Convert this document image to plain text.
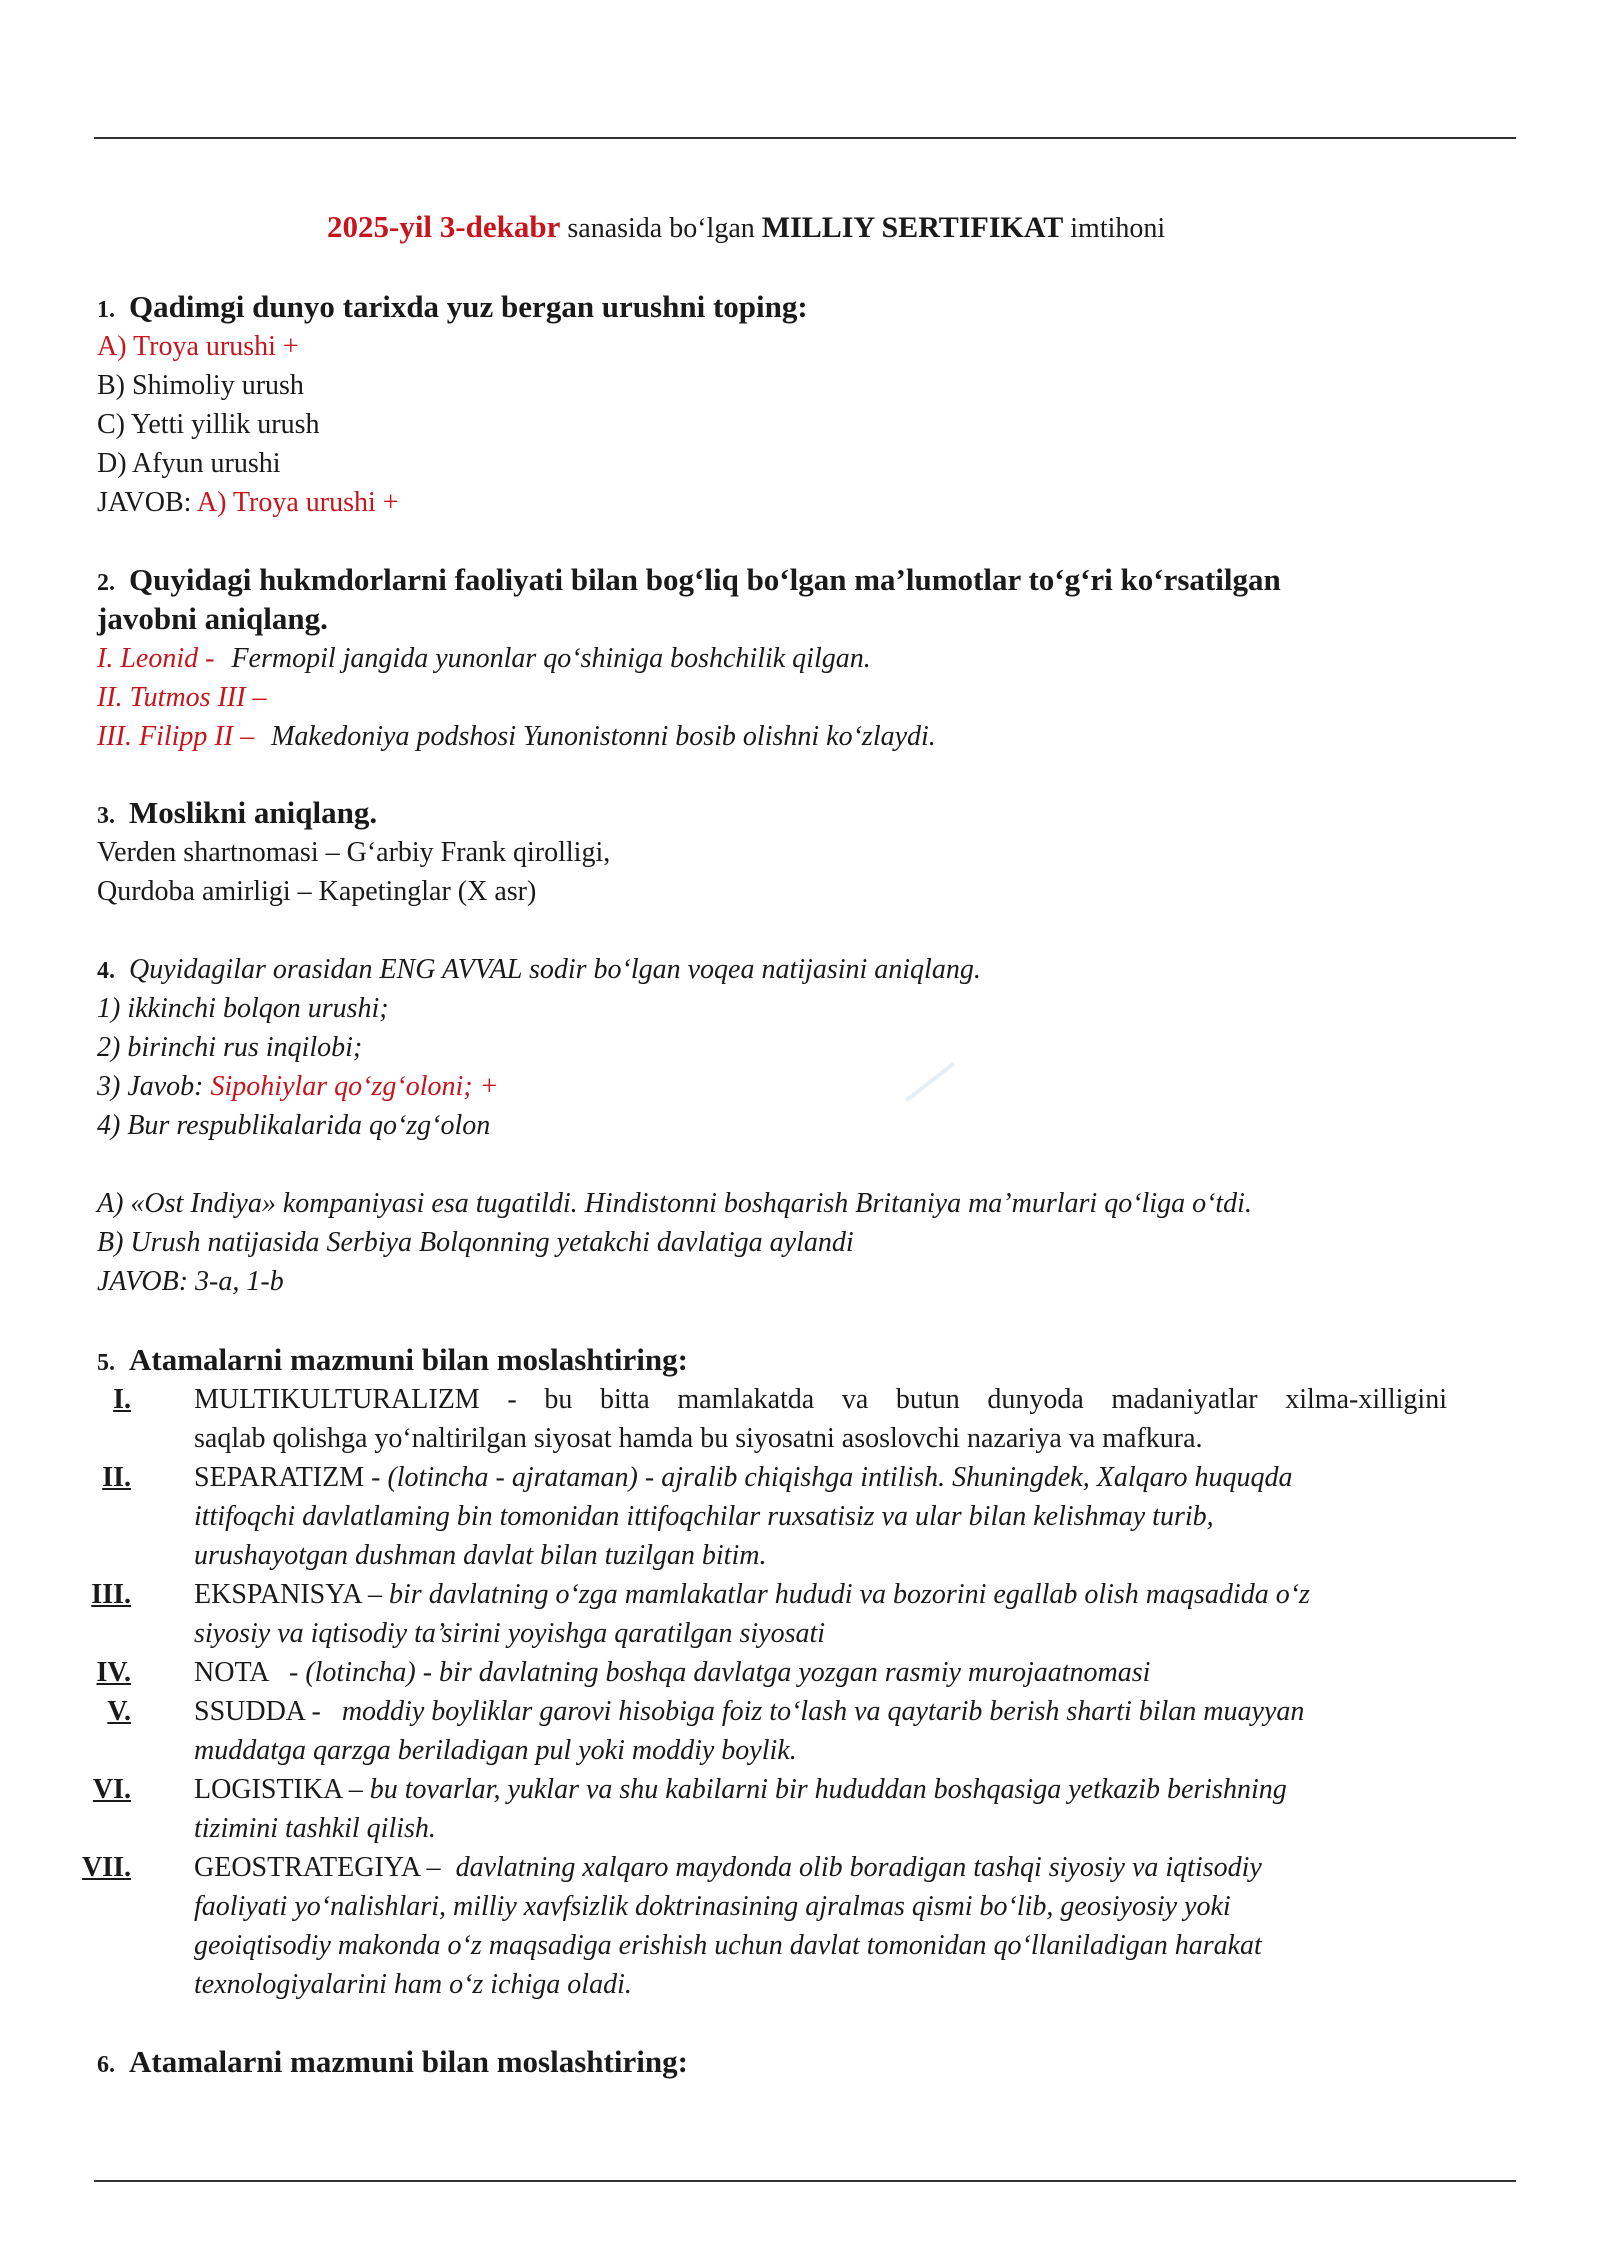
2025-yil 3-dekabr sanasida bo‘lgan MILLIY SERTIFIKAT imtihoni
1. Qadimgi dunyo tarixda yuz bergan urushni toping:
A) Troya urushi +
B) Shimoliy urush
C) Yetti yillik urush
D) Afyun urushi
JAVOB: A) Troya urushi +
2. Quyidagi hukmdorlarni faoliyati bilan bog‘liq bo‘lgan ma’lumotlar to‘g‘ri ko‘rsatilgan
javobni aniqlang.
I. Leonid - Fermopil jangida yunonlar qo‘shiniga boshchilik qilgan.
II. Tutmos III –
III. Filipp II – Makedoniya podshosi Yunonistonni bosib olishni ko‘zlaydi.
3. Moslikni aniqlang.
Verden shartnomasi – G‘arbiy Frank qirolligi,
Qurdoba amirligi – Kapetinglar (X asr)
4. Quyidagilar orasidan ENG AVVAL sodir bo‘lgan voqea natijasini aniqlang.
1) ikkinchi bolqon urushi;
2) birinchi rus inqilobi;
3) Javob: Sipohiylar qo‘zg‘oloni; +
4) Bur respublikalarida qo‘zg‘olon
A) «Ost Indiya» kompaniyasi esa tugatildi. Hindistonni boshqarish Britaniya ma’murlari qo‘liga o‘tdi.
B) Urush natijasida Serbiya Bolqonning yetakchi davlatiga aylandi
JAVOB: 3-a, 1-b
5. Atamalarni mazmuni bilan moslashtiring:
I. MULTIKULTURALIZM - bu bitta mamlakatda va butun dunyoda madaniyatlar xilma-xilligini
saqlab qolishga yo‘naltirilgan siyosat hamda bu siyosatni asoslovchi nazariya va mafkura.
II. SEPARATIZM - (lotincha - ajrataman) - ajralib chiqishga intilish. Shuningdek, Xalqaro huquqda
ittifoqchi davlatlaming bin tomonidan ittifoqchilar ruxsatisiz va ular bilan kelishmay turib,
urushayotgan dushman davlat bilan tuzilgan bitim.
III. EKSPANISYA – bir davlatning o‘zga mamlakatlar hududi va bozorini egallab olish maqsadida o‘z
siyosiy va iqtisodiy ta’sirini yoyishga qaratilgan siyosati
IV. NOTA   - (lotincha) - bir davlatning boshqa davlatga yozgan rasmiy murojaatnomasi
V. SSUDDA - moddiy boyliklar garovi hisobiga foiz to‘lash va qaytarib berish sharti bilan muayyan
muddatga qarzga beriladigan pul yoki moddiy boylik.
VI. LOGISTIKA – bu tovarlar, yuklar va shu kabilarni bir hududdan boshqasiga yetkazib berishning
tizimini tashkil qilish.
VII. GEOSTRATEGIYA – davlatning xalqaro maydonda olib boradigan tashqi siyosiy va iqtisodiy
faoliyati yo‘nalishlari, milliy xavfsizlik doktrinasining ajralmas qismi bo‘lib, geosiyosiy yoki
geoiqtisodiy makonda o‘z maqsadiga erishish uchun davlat tomonidan qo‘llaniladigan harakat
texnologiyalarini ham o‘z ichiga oladi.
6. Atamalarni mazmuni bilan moslashtiring:
